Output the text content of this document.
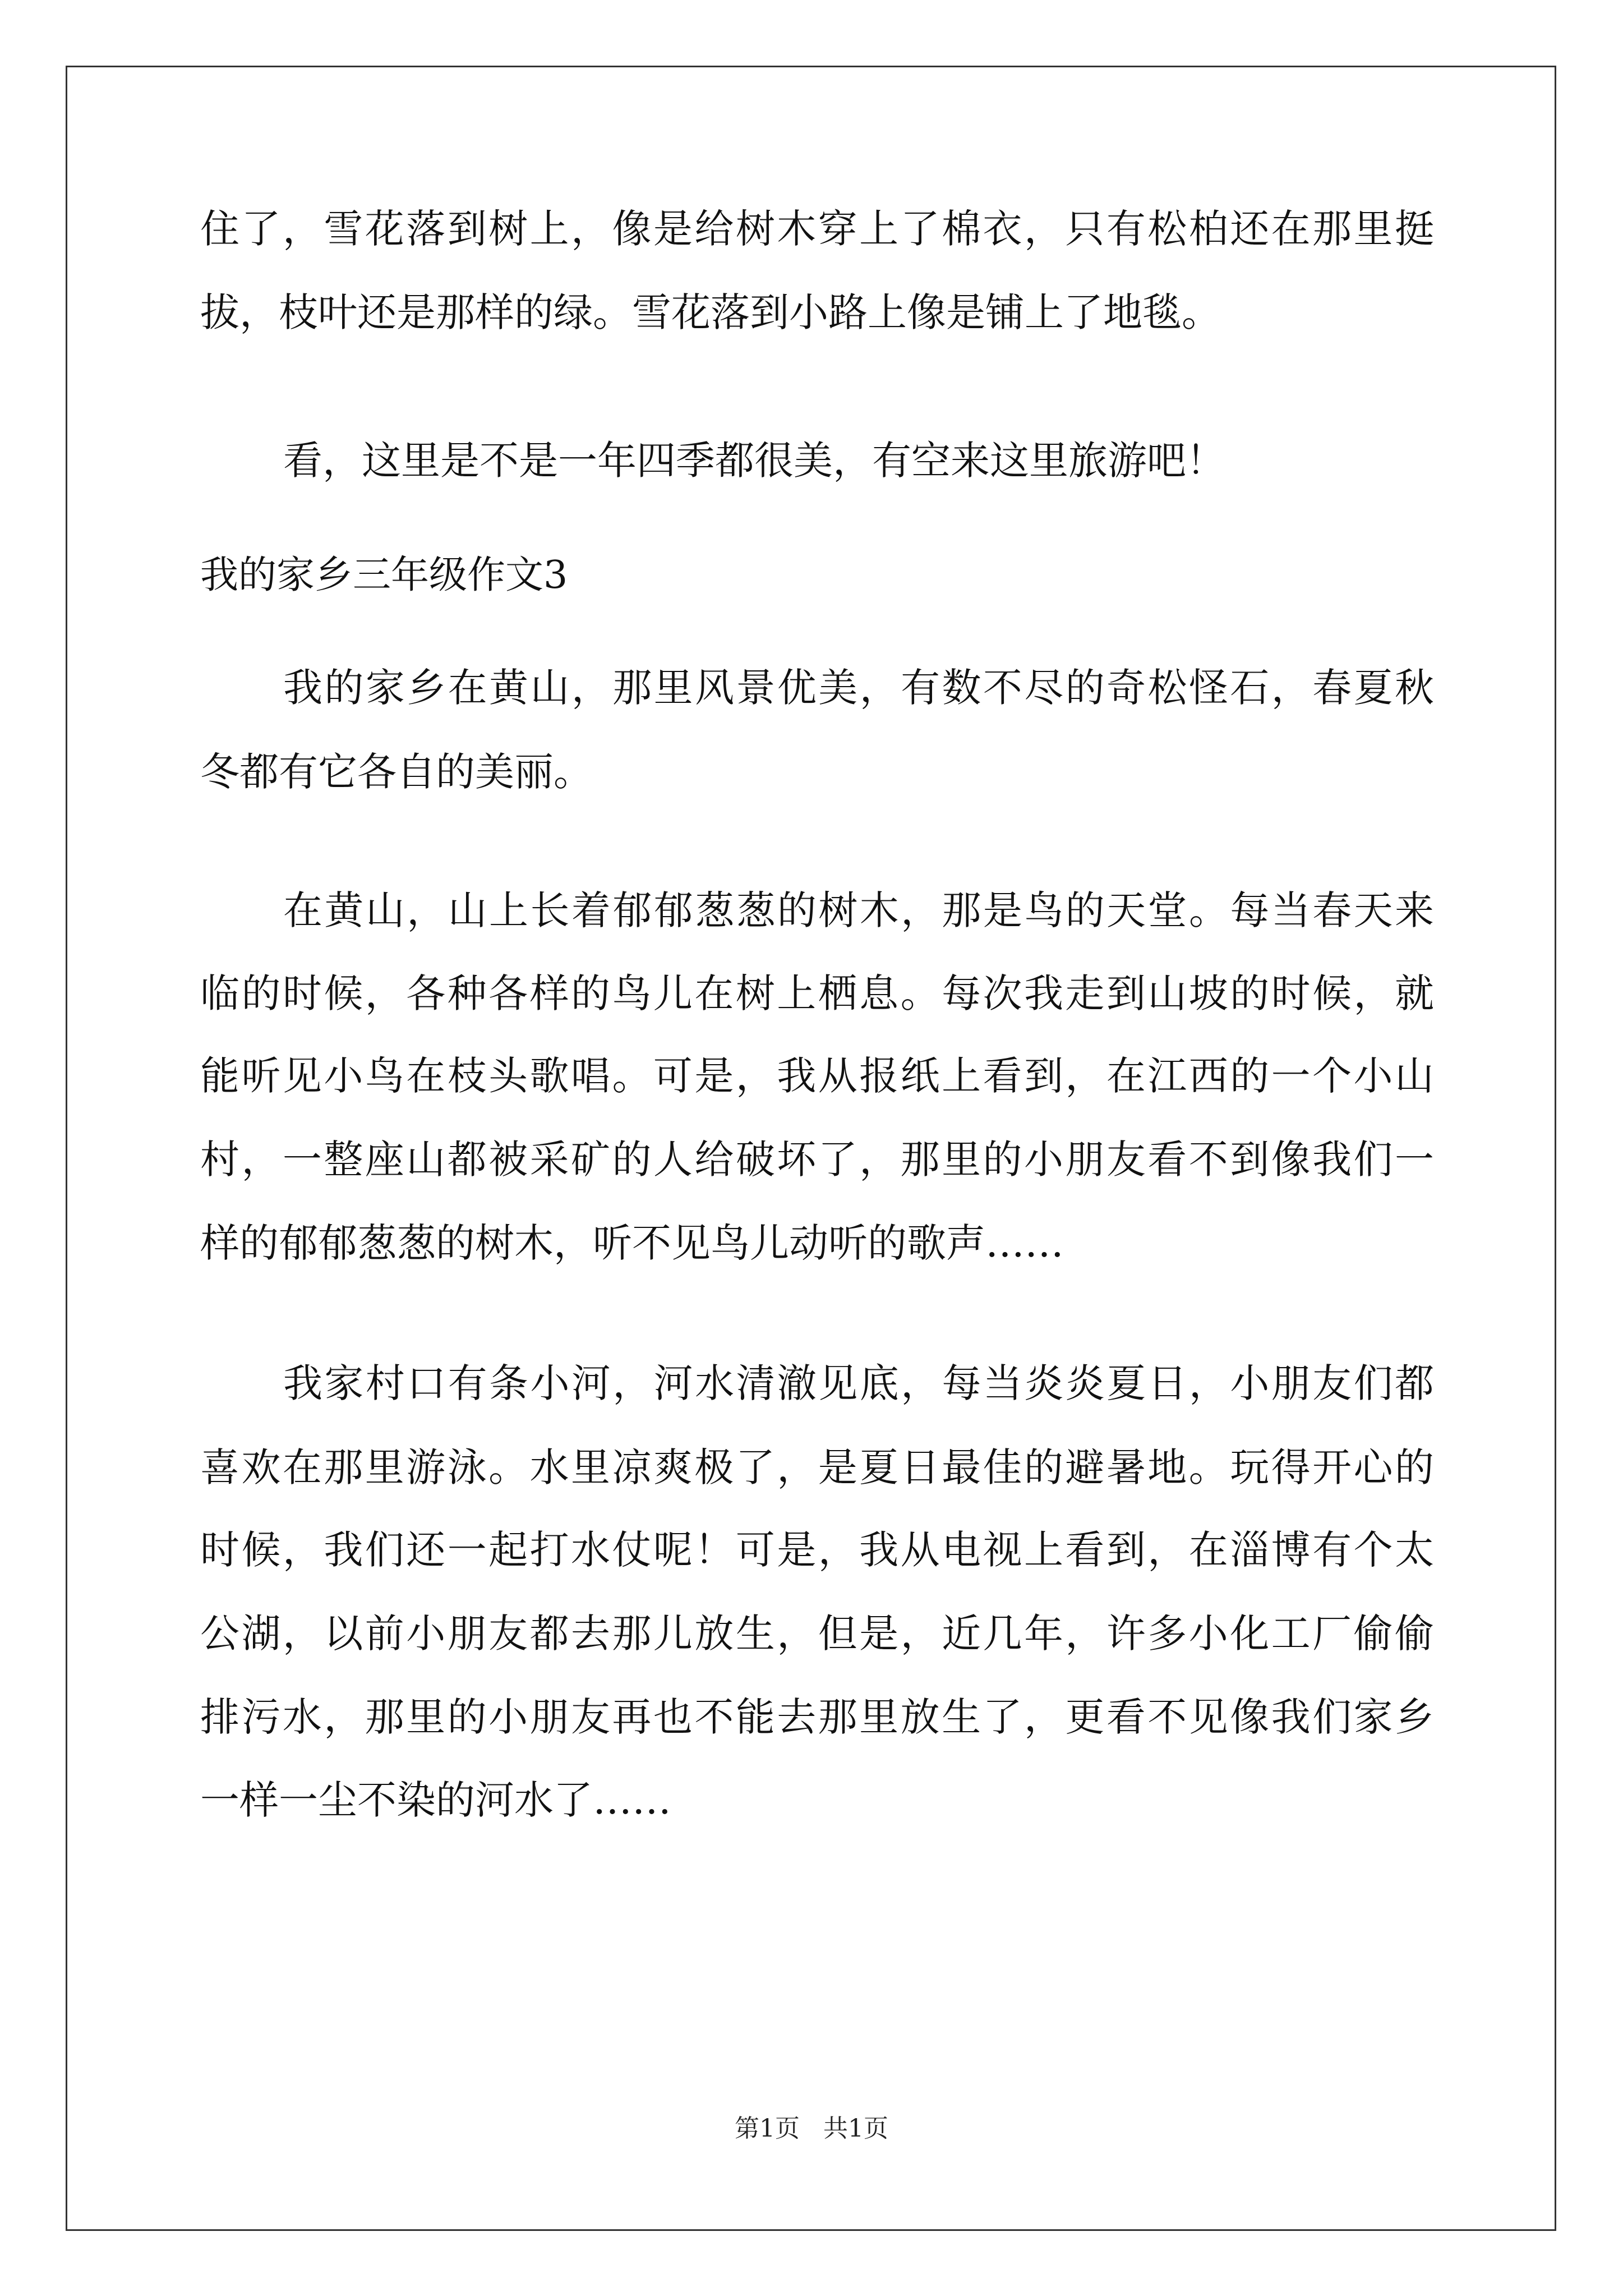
住了，雪花落到树上，像是给树木穿上了棉衣，只有松柏还在那里挺
拔，枝叶还是那样的绿。雪花落到小路上像是铺上了地毯。
看，这里是不是一年四季都很美，有空来这里旅游吧！
我的家乡三年级作文3
我的家乡在黄山，那里风景优美，有数不尽的奇松怪石，春夏秋
冬都有它各自的美丽。
在黄山，山上长着郁郁葱葱的树木，那是鸟的天堂。每当春天来
临的时候，各种各样的鸟儿在树上栖息。每次我走到山坡的时候，就
能听见小鸟在枝头歌唱。可是，我从报纸上看到，在江西的一个小山
村，一整座山都被采矿的人给破坏了，那里的小朋友看不到像我们一
样的郁郁葱葱的树木，听不见鸟儿动听的歌声……
我家村口有条小河，河水清澈见底，每当炎炎夏日，小朋友们都
喜欢在那里游泳。水里凉爽极了，是夏日最佳的避暑地。玩得开心的
时候，我们还一起打水仗呢！可是，我从电视上看到，在淄博有个太
公湖，以前小朋友都去那儿放生，但是，近几年，许多小化工厂偷偷
排污水，那里的小朋友再也不能去那里放生了，更看不见像我们家乡
一样一尘不染的河水了……
第1页   共1页
